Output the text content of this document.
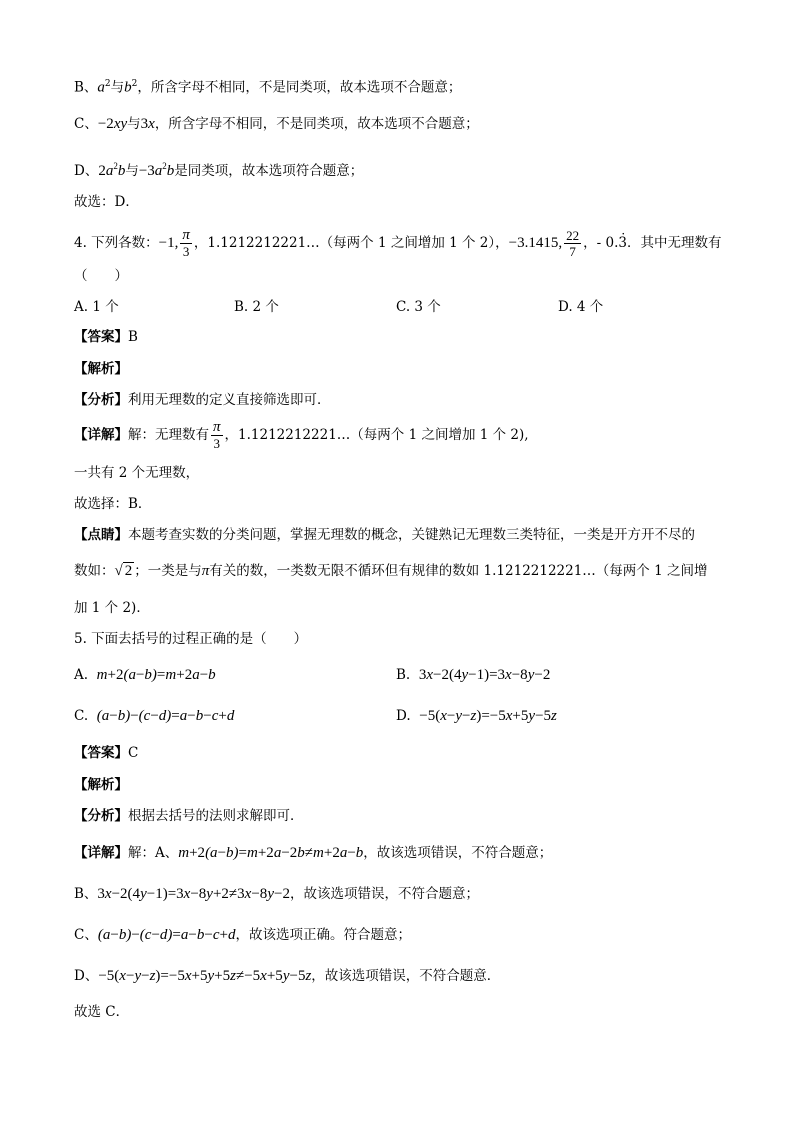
B、$a^2$与$b^2$，所含字母不相同，不是同类项，故本选项不合题意；
C、−2xy与3x，所含字母不相同，不是同类项，故本选项不合题意；
D、$2a^2b$与$-3a^2b$是同类项，故本选项符合题意；
故选：D．
4. 下列各数：−1, $\frac{\pi}{3}$ ，1.1212212221…（每两个 1 之间增加 1 个 2），−3.1415, $\frac{22}{7}$ ，- 0.3 ·．其中无理数有
（　　）
A. 1 个	B. 2 个	C. 3 个	D. 4 个
【答案】B
【解析】
【分析】利用无理数的定义直接筛选即可．
【详解】解：无理数有 $\frac{\pi}{3}$ ，1.1212212221…（每两个 1 之间增加 1 个 2),
一共有 2 个无理数，
故选择：B．
【点睛】本题考查实数的分类问题，掌握无理数的概念，关键熟记无理数三类特征，一类是开方开不尽的
数如：√ 2 ；一类是与π有关的数，一类数无限不循环但有规律的数如 1.1212212221…（每两个 1 之间增
加 1 个 2)．
5. 下面去括号的过程正确的是（　　）
A. m+2(a−b)=m+2a−b	B. 3x−2(4y−1)=3x−8y−2
C. (a−b)−(c−d)=a−b−c+d	D. −5(x−y−z)=−5x+5y−5z
【答案】C
【解析】
【分析】根据去括号的法则求解即可．
【详解】解：A、m+2(a−b)=m+2a−2b≠m+2a−b，故该选项错误，不符合题意；
B、3x−2(4y−1)=3x−8y+2≠3x−8y−2，故该选项错误，不符合题意；
C、(a−b)−(c−d)=a−b−c+d，故该选项正确。符合题意；
D、−5(x−y−z)=−5x+5y+5z≠−5x+5y−5z，故该选项错误，不符合题意．
故选 C．
